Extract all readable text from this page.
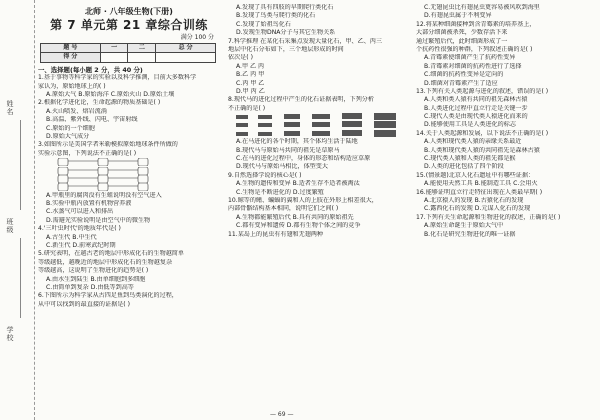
姓名
班级
学校
北师 · 八年级生物(下册)
第 7 单元第 21 章综合训练
满分 100 分
题 号	一	二	总 分
得 分			
一、选择题(每小题 2 分，共 40 分)
1.基于事物等科学家的实验以及科学推测，目前大多数科学
家认为，原始地球上的( )
A.原始大气 B.原始海洋 C.原始火山 D.原始土壤
2.根据化学进化论，生命起源的物质基础是( )
A.火山喷发、熔岩流淌
B.高温、紫外线、闪电、宇宙射线
C.原始的一个细胞
D.原始大气成分
3.如图所示是美国学者米勒模拟原始地球条件所做的
实验示意图，下列说法不正确的是( )
A.甲瓶里的腐肉没有生蛆说明没有空气进入
B.实验中瓶内放置有机物营养液
C.水蒸气可以进入和排出
D.需避光实验说明是由空气中的微生物
4.'三叶虫时代'的地质年代是( )
A.古生代 B.中生代
C.新生代 D.前寒武纪时期
5.研究表明，在越古老的地层中形成化石的生物越简单
等级越低，越晚近的地层中形成化石的生物越复杂
等级越高，这说明了生物进化的趋势是( )
A.由水生到陆生 B.由单细胞到多细胞
C.由简单到复杂 D.由低等到高等
6.下图所示为科学家从古四足鱼到鸟类演化的过程，
从中可以找到的最直接的证据是( )
A.发现了具有四肢的早期爬行类化石
B.发现了鸟类与爬行类的化石
C.发现了始祖鸟化石
D.发现生物DNA分子与其它生物关系
7.科学推理 在某化石采集点发现大量化石，甲、乙、丙三
地层中化石分布如下，三个地层形成的时间
依次是( )
A.甲 乙 丙
B.乙 丙 甲
C.丙 甲 乙
D.甲 丙 乙
8.现代马的进化过程中产生的化石证据表明，下列分析
不正确的是( )
A.在马进化的各个时期，其个体均生活于陆地
B.现代马与原始马共同的祖先是草原马
C.在马的进化过程中，身体的形态和结构适应草原
D.现代马与原始马相比，体型变大
9.自然选择学说的核心是( )
A.生物的遗传和变异 B.适者生存不适者被淘汰
C.生物是不断进化的 D.过度繁殖
10.鲸等的鳍、蝙蝠的翼和人的上肢在外形上相差很大，
内部骨骼结构基本相同，说明它们之间( )
A.生物都能繁殖后代 B.具有共同的原始祖先
C.都有变异和遗传 D.都有生物个体之间的竞争
11.某岛上的昆虫有有翅和无翅两种
C.无翅昆虫比有翅昆虫更容易被风吹到海里
D.有翅昆虫属于不利变异
12.将某种细菌接种到含青霉素的培养基上，
大部分细菌被杀死，少数存活下来
通过繁殖后代，此时细菌形成了一
个抗药性很强的种群，下列叙述正确的是( )
A.青霉素使细菌产生了抗药性变异
B.青霉素对细菌的抗药性进行了选择
C.细菌的抗药性变异是定向的
D.细菌对青霉素产生了适应
13.下列有关人类起源与进化的叙述，错误的是( )
A.人类和类人猿有共同的祖先森林古猿
B.人类进化过程中直立行走是关键一步
C.现代人类是由现代类人猿进化而来的
D.能够使用工具是人类进化的标志
14.关于人类起源和发展，以下说法不正确的是( )
A.人类和现代类人猿的亲缘关系最近
B.人类和现代类人猿的共同祖先是森林古猿
C.现代类人猿和人类的祖先都是猴
D.人类的进化包括了四个阶段
15.(情景题)北京人化石遗址中有哪些证据：
A.能使用天然工具 B.能制造工具 C.会用火
16.能够证明直立行走特征出现在人类最早期( )
A.北京猿人的发现 B.古猿化石的发现
C.露西化石的发现 D.元谋人化石的发现
17.下列有关生命起源和生物进化的叙述，正确的是( )
A.原始生命诞生于原始大气中
B.化石是研究生物进化的唯一证据
— 69 —
